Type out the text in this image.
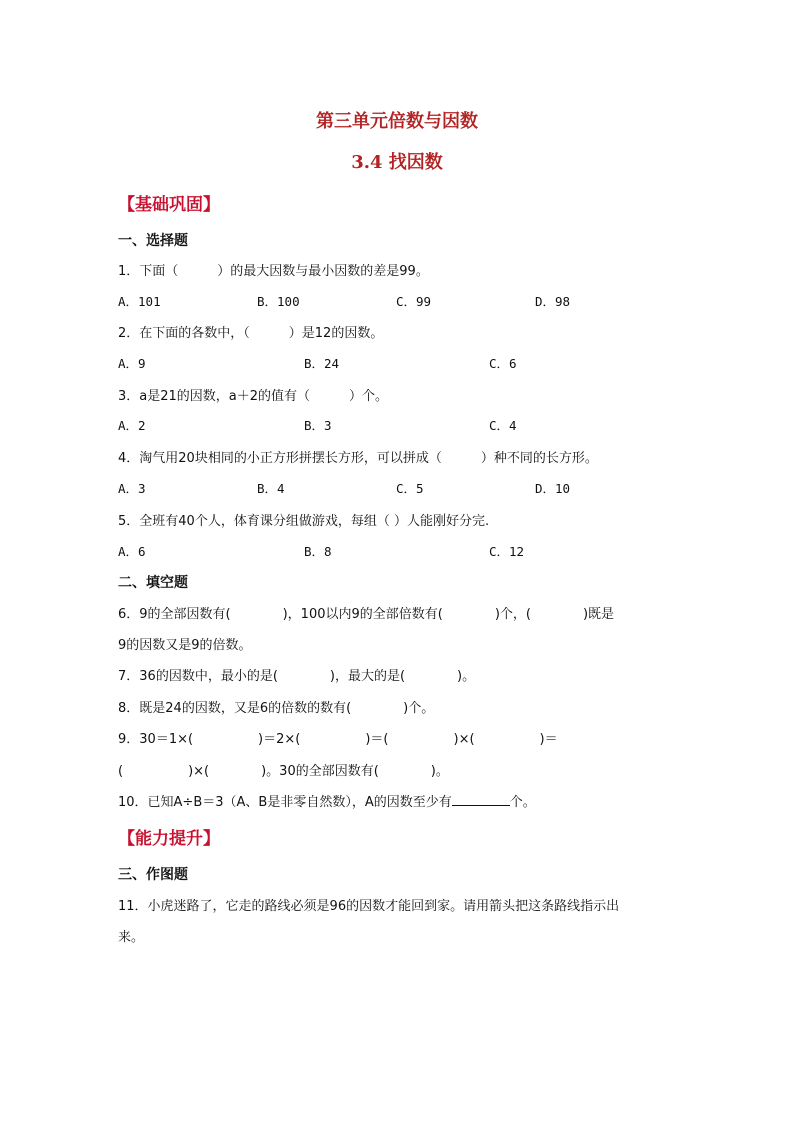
第三单元倍数与因数
3.4 找因数
【基础巩固】
一、选择题
1．下面（　　　）的最大因数与最小因数的差是99。
A．101	B．100	C．99	D．98
2．在下面的各数中，（　　　）是12的因数。
A．9	B．24	C．6
3．a是21的因数，a＋2的值有（　　　）个。
A．2	B．3	C．4
4．淘气用20块相同的小正方形拼摆长方形，可以拼成（　　　）种不同的长方形。
A．3	B．4	C．5	D．10
5．全班有40个人，体育课分组做游戏，每组（ ）人能刚好分完.
A．6	B．8	C．12
二、填空题
6．9的全部因数有(　　　　)，100以内9的全部倍数有(　　　　)个，(　　　　)既是
9的因数又是9的倍数。
7．36的因数中，最小的是(　　　　)，最大的是(　　　　)。
8．既是24的因数，又是6的倍数的数有(　　　　)个。
9．30＝1×(　　　　　)＝2×(　　　　　)＝(　　　　　)×(　　　　　)＝
(　　　　　)×(　　　　)。30的全部因数有(　　　　)。
10．已知A÷B＝3（A、B是非零自然数），A的因数至少有	个。
【能力提升】
三、作图题
11．小虎迷路了，它走的路线必须是96的因数才能回到家。请用箭头把这条路线指示出
来。
